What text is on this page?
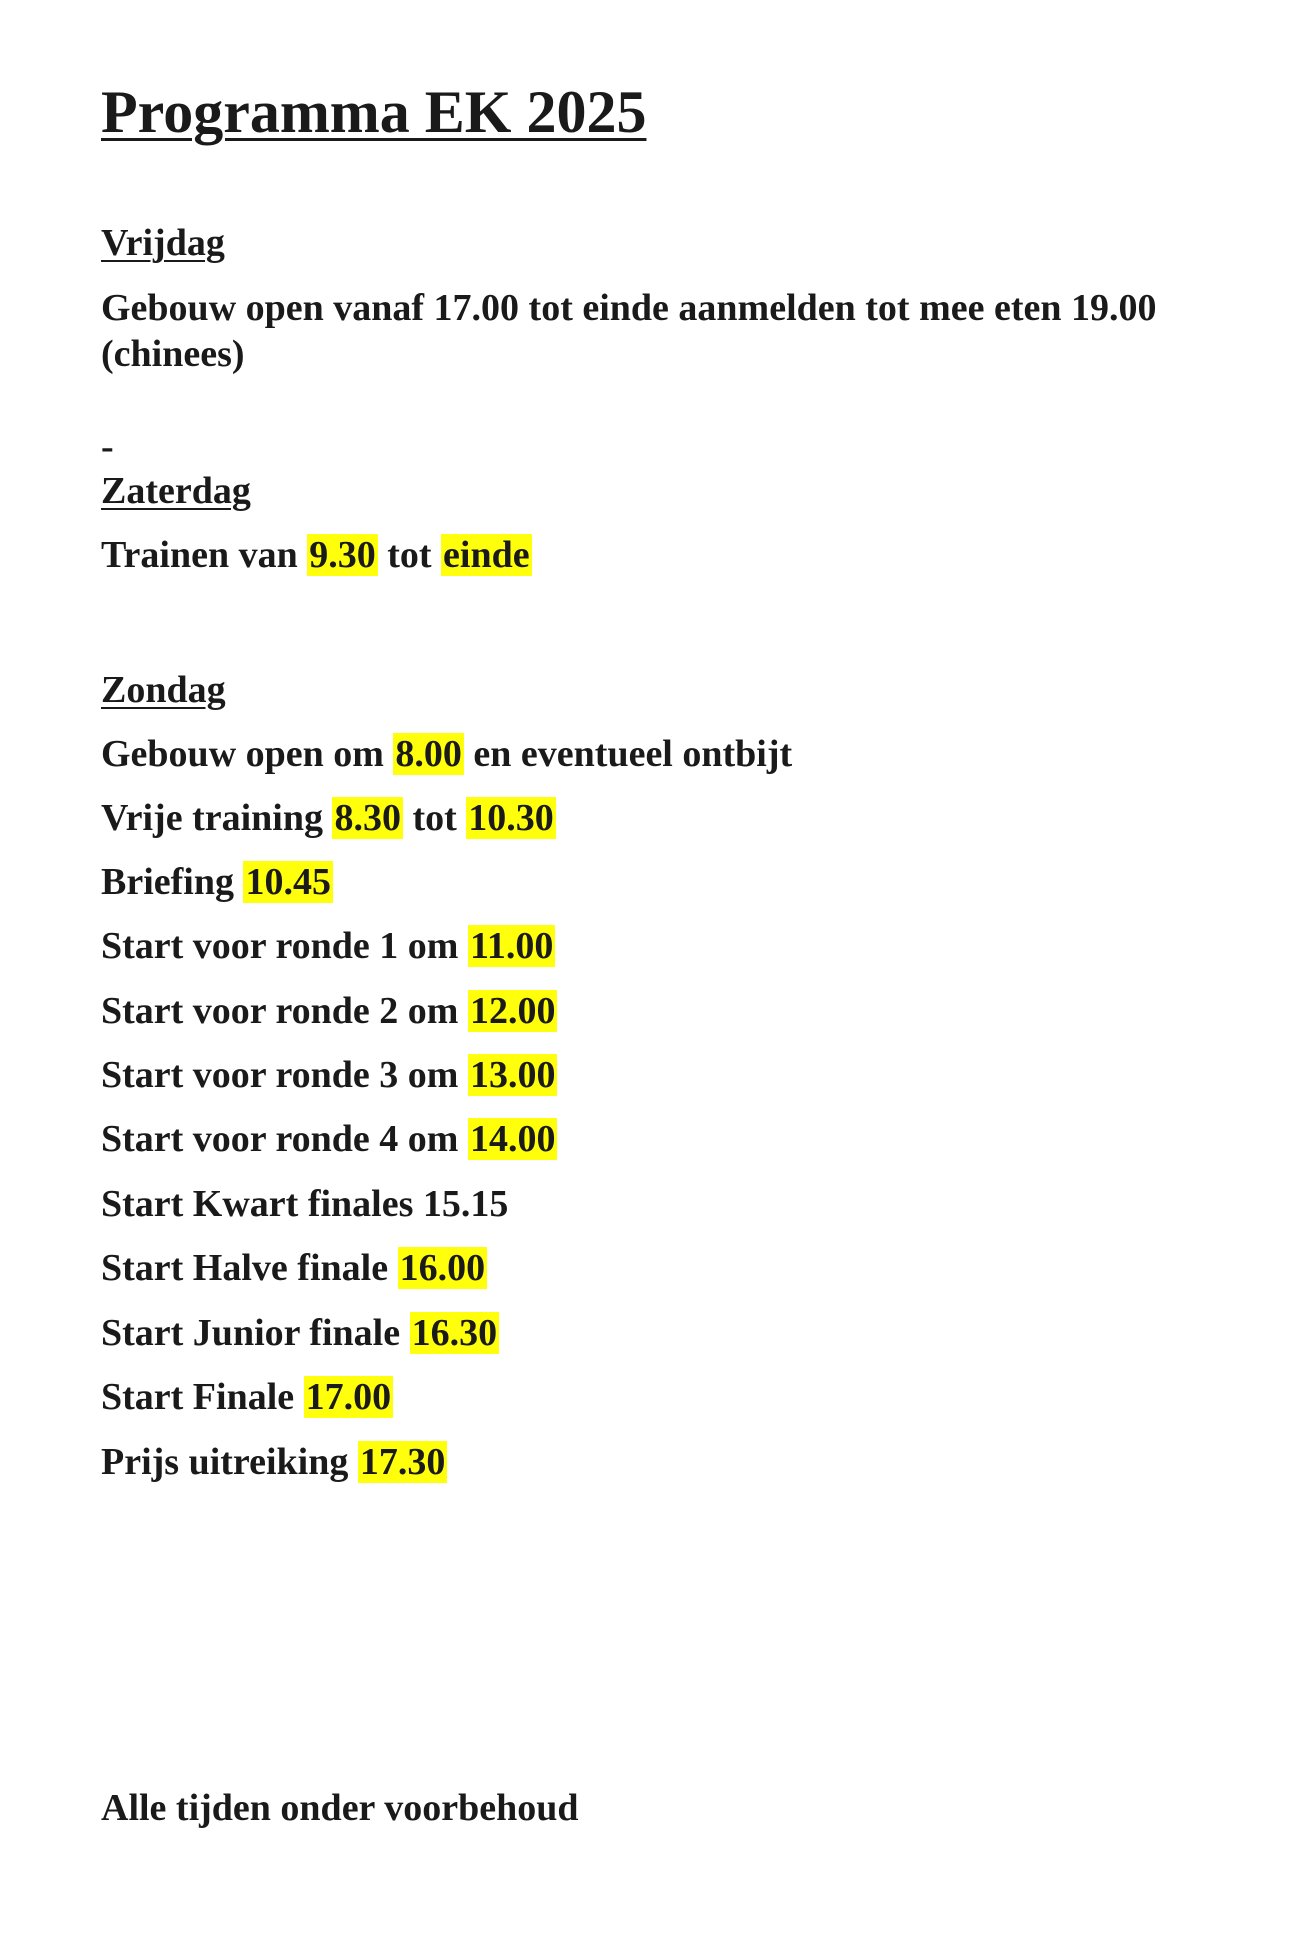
Programma EK 2025
Vrijdag
Gebouw open vanaf 17.00 tot einde aanmelden tot mee eten 19.00 (chinees)
-
Zaterdag
Trainen van 9.30 tot einde
Zondag
Gebouw open om 8.00 en eventueel ontbijt
Vrije training 8.30 tot 10.30
Briefing 10.45
Start voor ronde 1 om 11.00
Start voor ronde 2 om 12.00
Start voor ronde 3 om 13.00
Start voor ronde 4 om 14.00
Start Kwart finales 15.15
Start Halve finale 16.00
Start Junior finale 16.30
Start Finale 17.00
Prijs uitreiking 17.30
Alle tijden onder voorbehoud
